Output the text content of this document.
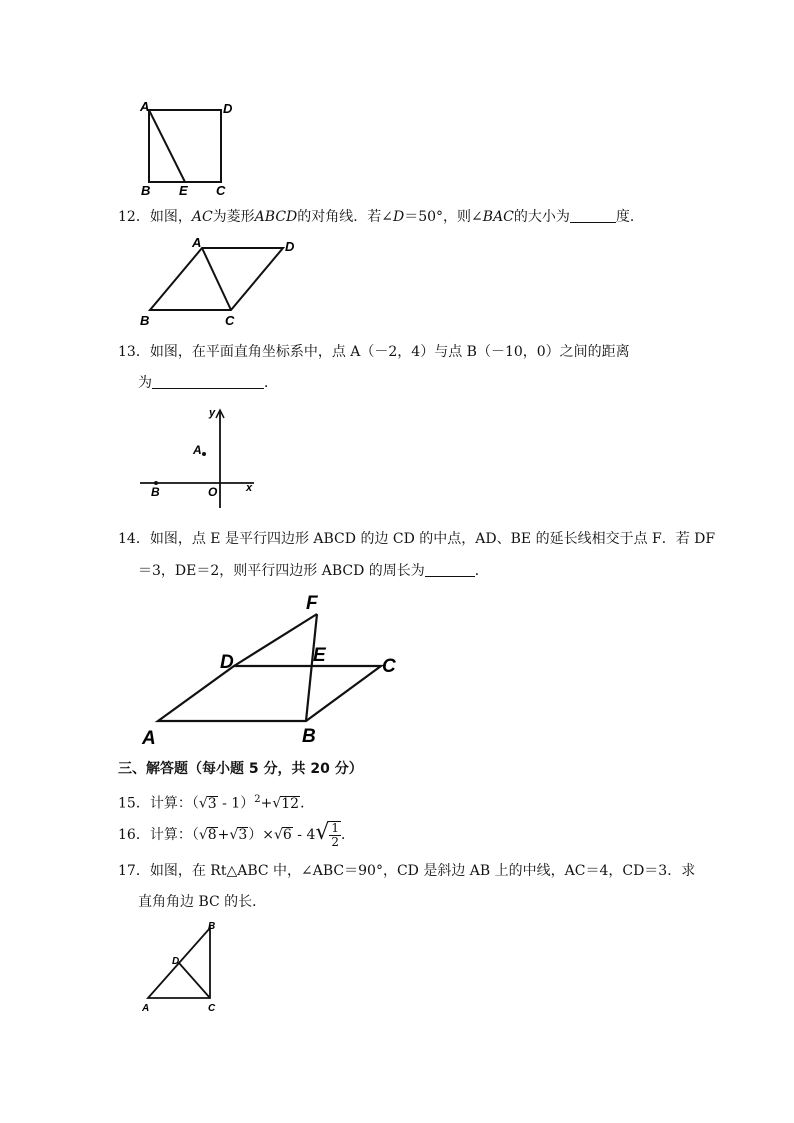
A	D
B E C
12．如图，AC为菱形ABCD的对角线．若∠D＝50°，则∠BAC的大小为	度．
A	D
B	C
13．如图，在平面直角坐标系中，点 A（－2，4）与点 B（－10，0）之间的距离
为	．
y
A
B	O	x
14．如图，点 E 是平行四边形 ABCD 的边 CD 的中点，AD、BE 的延长线相交于点 F．若 DF
＝3，DE＝2，则平行四边形 ABCD 的周长为	．
F
D	E
C
A	B
三、解答题（每小题 5 分，共 20 分）
15．计算：（√3 - 1）$^2$+√12．
16．计算：$(√8+√3)\times√6 - 4√ \frac{1}{2}$ ．
17．如图，在 Rt△ABC 中，∠ABC＝90°，CD 是斜边 AB 上的中线，AC＝4，CD＝3．求
直角角边 BC 的长．
B
D
A	C
